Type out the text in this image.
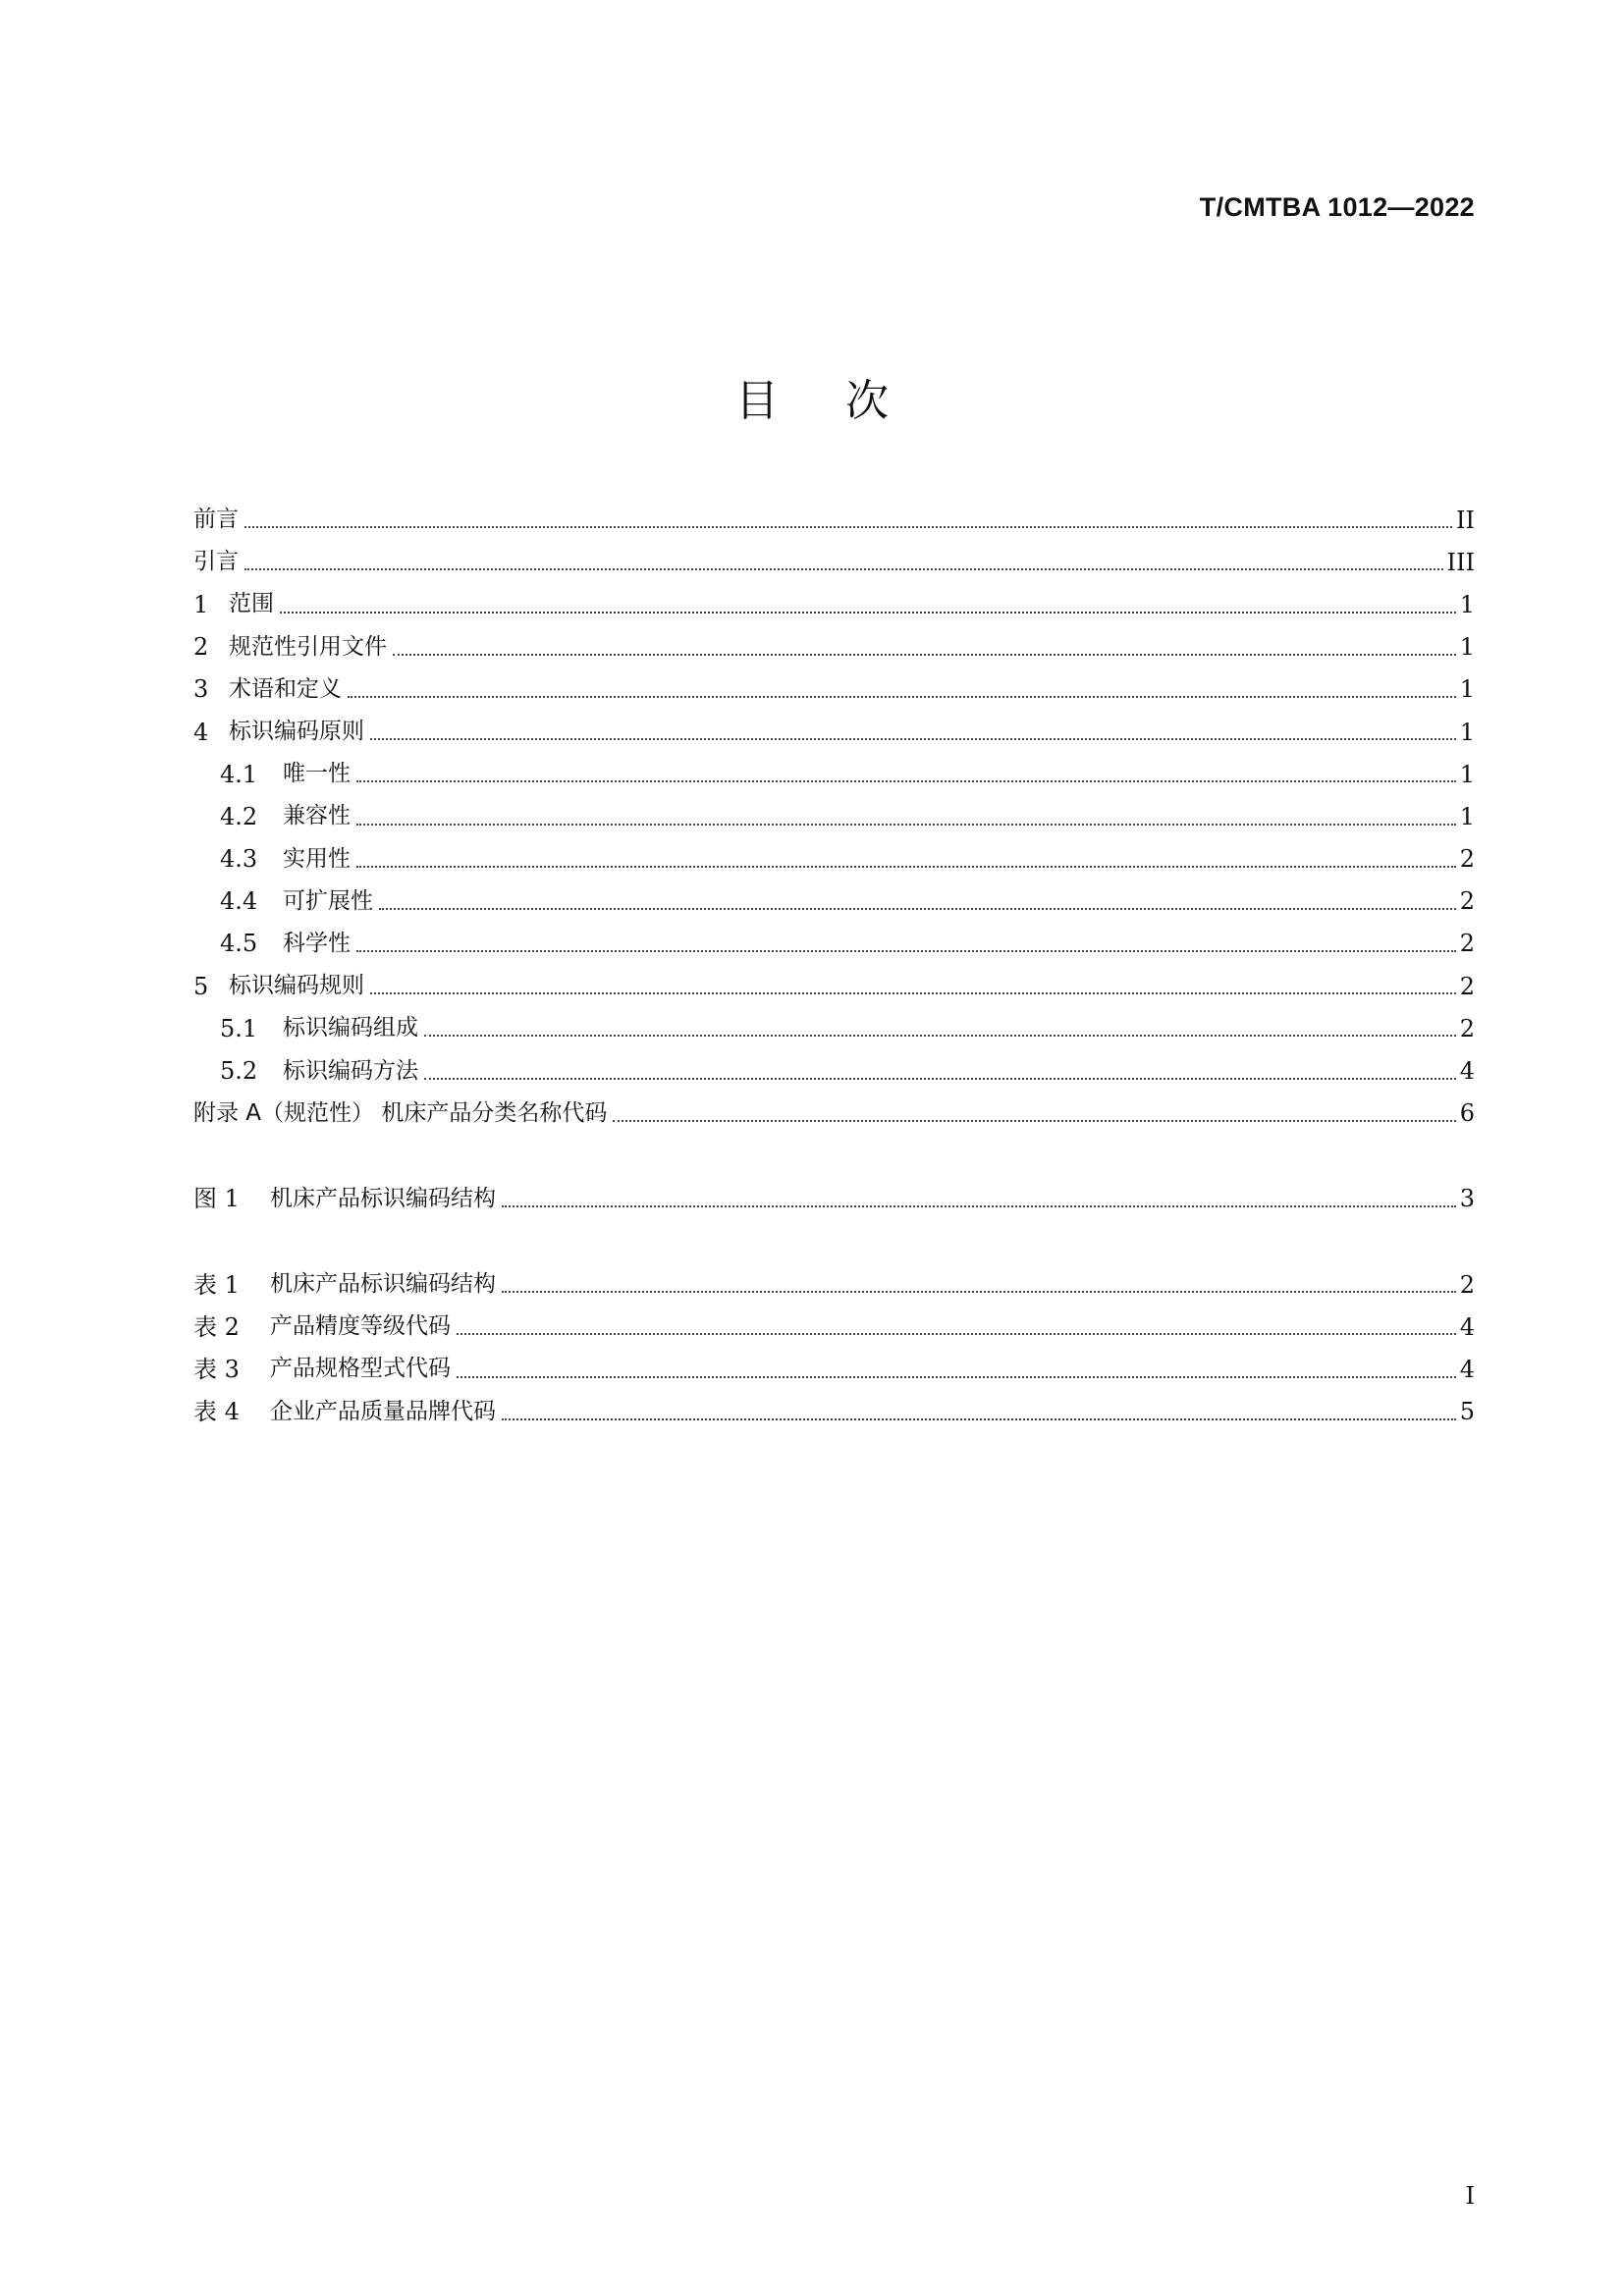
T/CMTBA 1012—2022
目次
前言	II
引言	III
1 范围	1
2 规范性引用文件	1
3 术语和定义	1
4 标识编码原则	1
4.1	唯一性	1
4.2	兼容性	1
4.3	实用性	2
4.4	可扩展性	2
4.5	科学性	2
5 标识编码规则	2
5.1	标识编码组成	2
5.2	标识编码方法	4
附录 A（规范性） 机床产品分类名称代码	6
图 1	机床产品标识编码结构	3
表 1	机床产品标识编码结构	2
表 2	产品精度等级代码	4
表 3	产品规格型式代码	4
表 4	企业产品质量品牌代码	5
I
